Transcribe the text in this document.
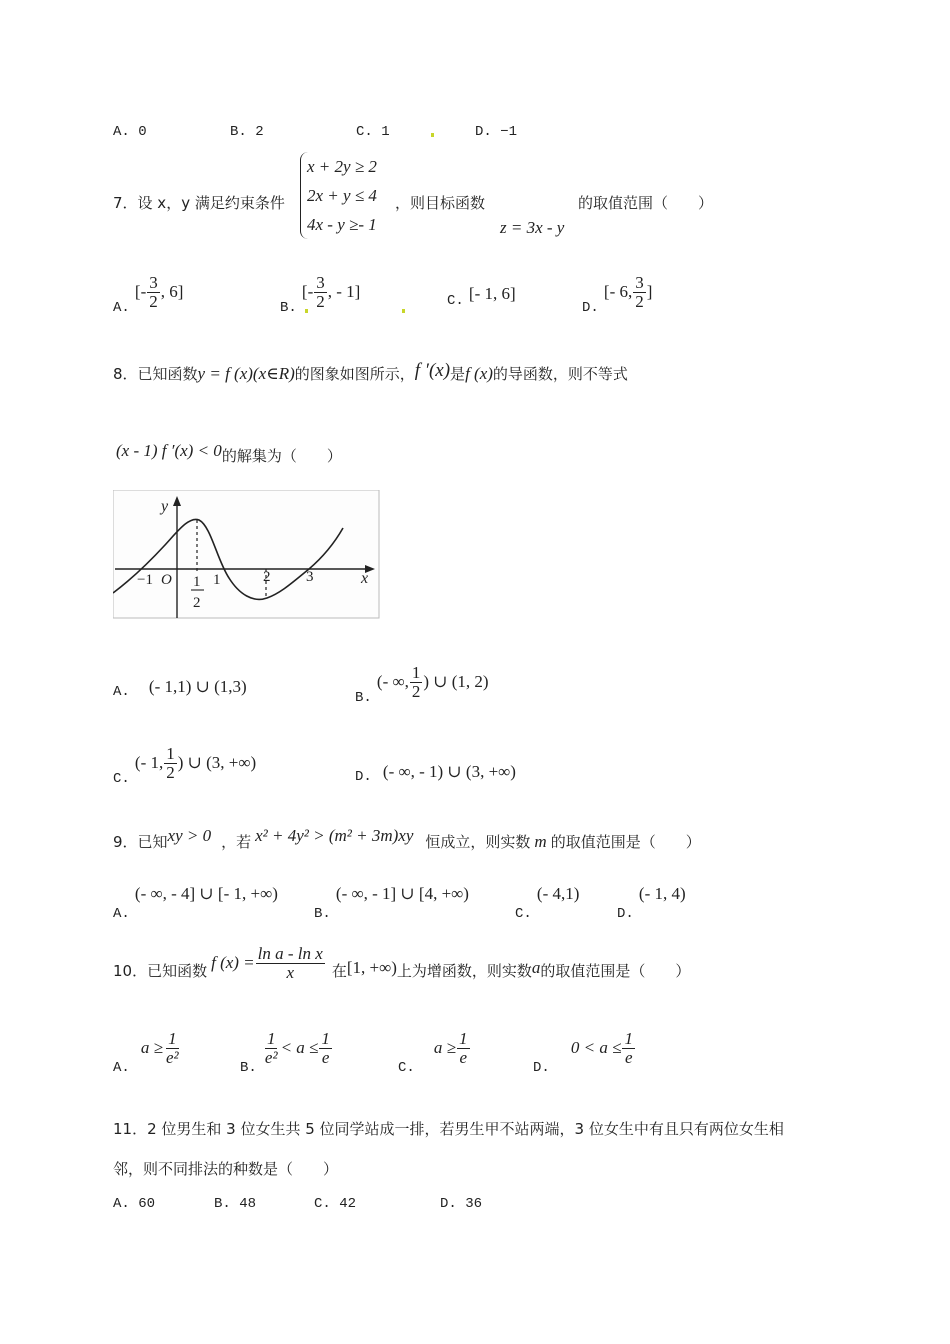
A. 0	B. 2	C. 1	D. −1
7．设 x，y 满足约束条件
x + 2y ≥ 2
2x + y ≤ 4
4x - y ≥- 1
，则目标函数
z = 3x - y
的取值范围（　　）
A. [- $\frac{3}{2}$ , 6]
B. [- $\frac{3}{2}$ , - 1]
C. [- 1, 6]
D. [- 6, $\frac{3}{2}$ ]
8．已知函数y = f (x)(x∈R)的图象如图所示，f ′(x)是f (x)的导函数，则不等式
(x - 1) f ′(x) < 0的解集为（　　）
y
x
O
−1	1
2
1	2 3
A. (- 1,1) ∪ (1,3)
B. (- ∞, $\frac{1}{2}$ ) ∪ (1, 2)
C. (- 1, $\frac{1}{2}$ ) ∪ (3, +∞)
D. (- ∞, - 1) ∪ (3, +∞)
9．已知xy > 0 ，若 x² + 4y² > (m² + 3m)xy 恒成立，则实数 m 的取值范围是（　　）
A. (- ∞, - 4] ∪ [- 1, +∞)
B. (- ∞, - 1] ∪ [4, +∞)
C. (- 4,1)
D. (- 1, 4)
10．已知函数 f $(x) = \frac{\text{ln a - ln x}}{x}$ 在[1, +∞)上为增函数，则实数a的取值范围是（　　）
A. $a \ge \frac{1}{\text{e²}}$
B.
$\frac{1}{\text{e²}} < a \le \frac{1}{e}$
C. $a \ge \frac{1}{e}$
D. $0 < a \le \frac{1}{e}$
11．2 位男生和 3 位女生共 5 位同学站成一排，若男生甲不站两端，3 位女生中有且只有两位女生相
邻，则不同排法的种数是（　　）
A. 60	B. 48	C. 42	D. 36
